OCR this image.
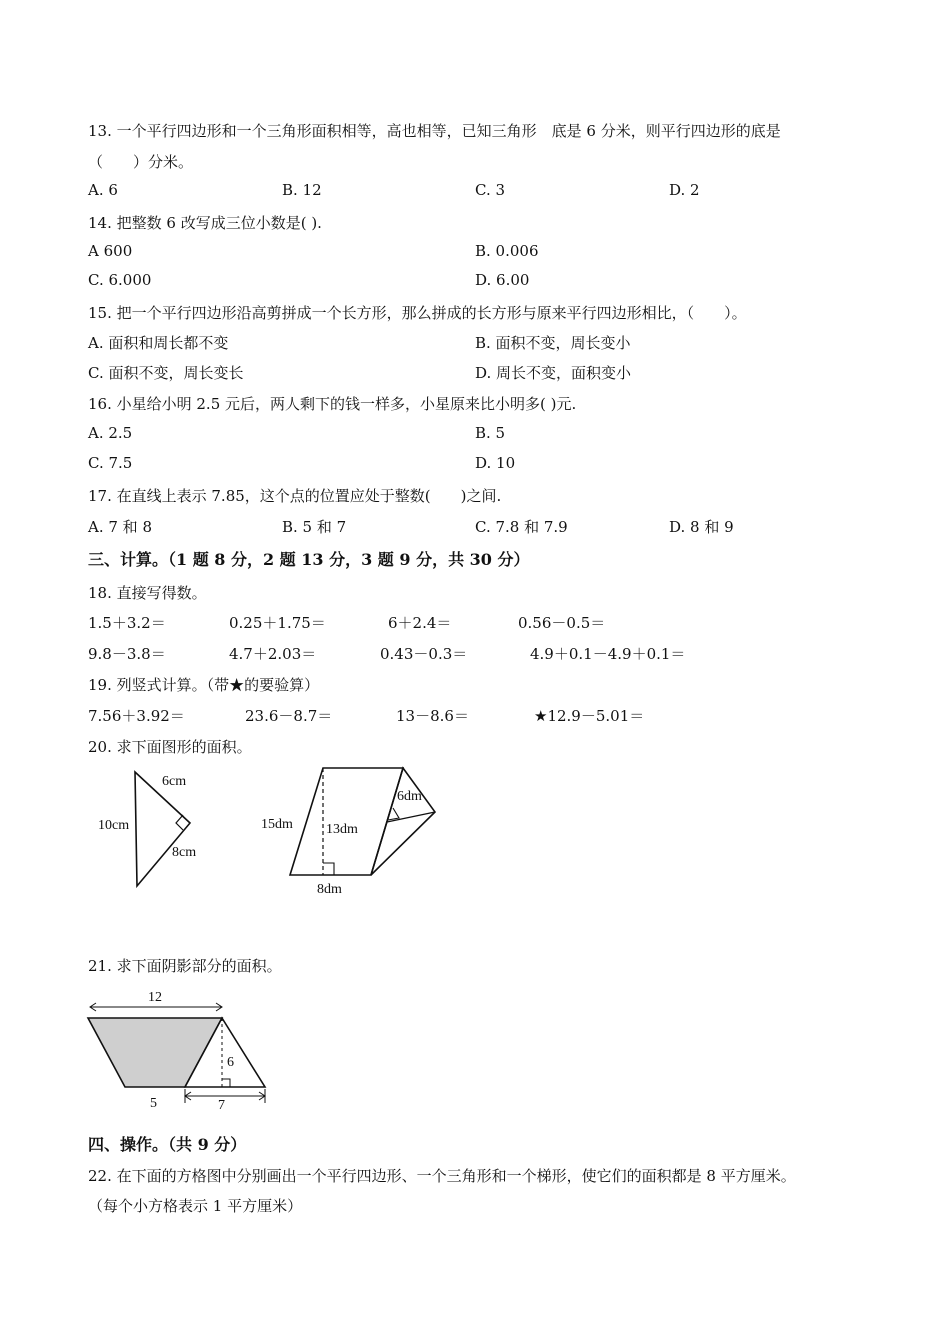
13. 一个平行四边形和一个三角形面积相等，高也相等，已知三角形　底是 6 分米，则平行四边形的底是
（　　）分米。
A. 6	B. 12	C. 3	D. 2
14. 把整数 6 改写成三位小数是( ).
A 600	B. 0.006
C. 6.000	D. 6.00
15. 把一个平行四边形沿高剪拼成一个长方形，那么拼成的长方形与原来平行四边形相比，（　　）。
A. 面积和周长都不变	B. 面积不变，周长变小
C. 面积不变，周长变长	D. 周长不变，面积变小
16. 小星给小明 2.5 元后，两人剩下的钱一样多，小星原来比小明多( )元.
A. 2.5	B. 5
C. 7.5	D. 10
17. 在直线上表示 7.85，这个点的位置应处于整数(　　)之间.
A. 7 和 8	B. 5 和 7	C. 7.8 和 7.9	D. 8 和 9
三、计算。（1 题 8 分，2 题 13 分，3 题 9 分，共 30 分）
18. 直接写得数。
1.5＋3.2＝	0.25＋1.75＝	6＋2.4＝	0.56－0.5＝
9.8－3.8＝	4.7＋2.03＝	0.43－0.3＝	4.9＋0.1－4.9＋0.1＝
19. 列竖式计算。（带★的要验算）
7.56＋3.92＝	23.6－8.7＝	13－8.6＝	★12.9－5.01＝
20. 求下面图形的面积。
6cm
10cm
8cm
15dm 13dm
6dm
8dm
21. 求下面阴影部分的面积。
12
6
5	7
四、操作。（共 9 分）
22. 在下面的方格图中分别画出一个平行四边形、一个三角形和一个梯形，使它们的面积都是 8 平方厘米。
（每个小方格表示 1 平方厘米）
